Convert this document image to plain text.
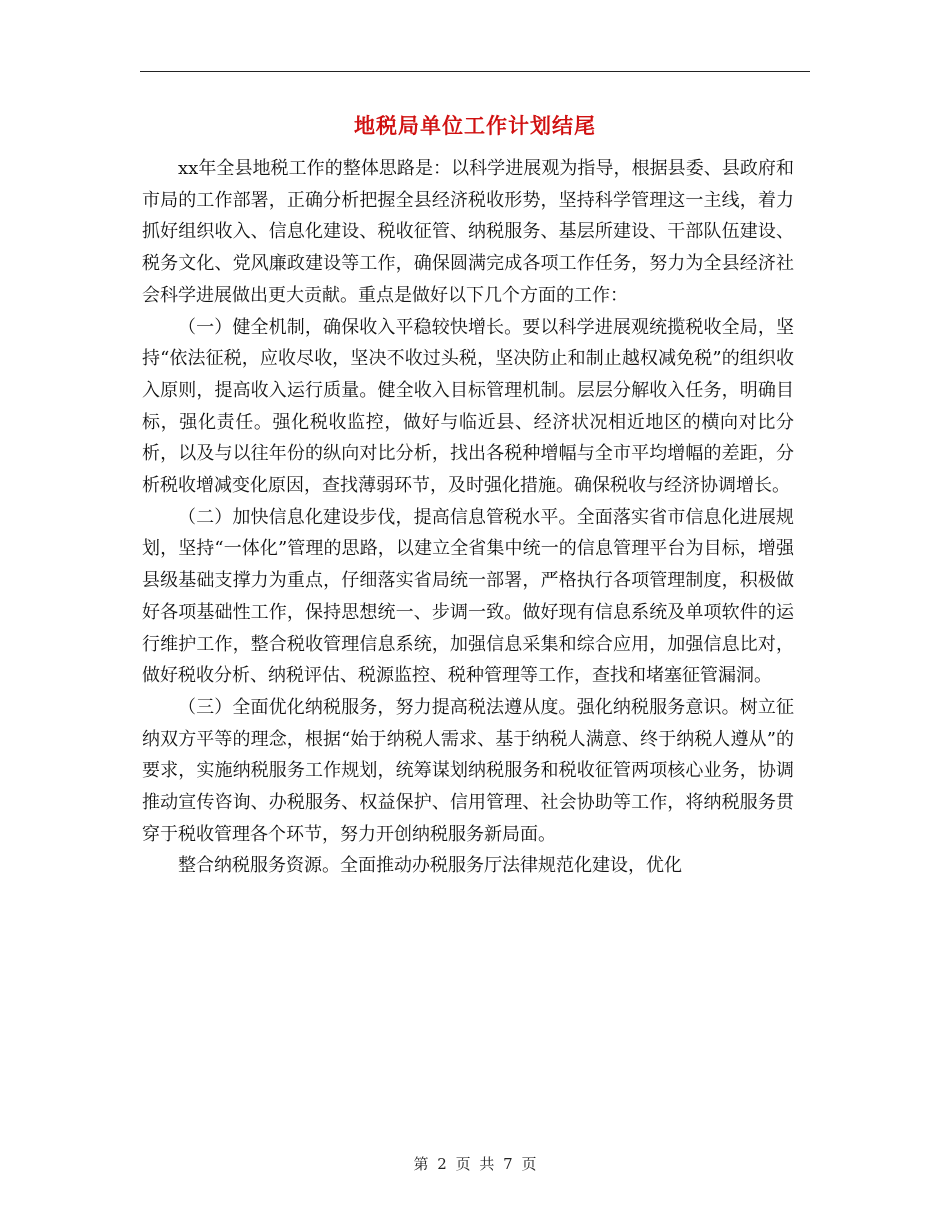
地税局单位工作计划结尾

xx年全县地税工作的整体思路是：以科学进展观为指导，根据县委、县政府和市局的工作部署，正确分析把握全县经济税收形势，坚持科学管理这一主线，着力抓好组织收入、信息化建设、税收征管、纳税服务、基层所建设、干部队伍建设、税务文化、党风廉政建设等工作，确保圆满完成各项工作任务，努力为全县经济社会科学进展做出更大贡献。重点是做好以下几个方面的工作：

（一）健全机制，确保收入平稳较快增长。要以科学进展观统揽税收全局，坚持“依法征税，应收尽收，坚决不收过头税，坚决防止和制止越权减免税”的组织收入原则，提高收入运行质量。健全收入目标管理机制。层层分解收入任务，明确目标，强化责任。强化税收监控，做好与临近县、经济状况相近地区的横向对比分析，以及与以往年份的纵向对比分析，找出各税种增幅与全市平均增幅的差距，分析税收增减变化原因，查找薄弱环节，及时强化措施。确保税收与经济协调增长。

（二）加快信息化建设步伐，提高信息管税水平。全面落实省市信息化进展规划，坚持“一体化”管理的思路，以建立全省集中统一的信息管理平台为目标，增强县级基础支撑力为重点，仔细落实省局统一部署，严格执行各项管理制度，积极做好各项基础性工作，保持思想统一、步调一致。做好现有信息系统及单项软件的运行维护工作，整合税收管理信息系统，加强信息采集和综合应用，加强信息比对，做好税收分析、纳税评估、税源监控、税种管理等工作，查找和堵塞征管漏洞。

（三）全面优化纳税服务，努力提高税法遵从度。强化纳税服务意识。树立征纳双方平等的理念，根据“始于纳税人需求、基于纳税人满意、终于纳税人遵从”的要求，实施纳税服务工作规划，统筹谋划纳税服务和税收征管两项核心业务，协调推动宣传咨询、办税服务、权益保护、信用管理、社会协助等工作，将纳税服务贯穿于税收管理各个环节，努力开创纳税服务新局面。

整合纳税服务资源。全面推动办税服务厅法律规范化建设，优化

第 2 页 共 7 页
